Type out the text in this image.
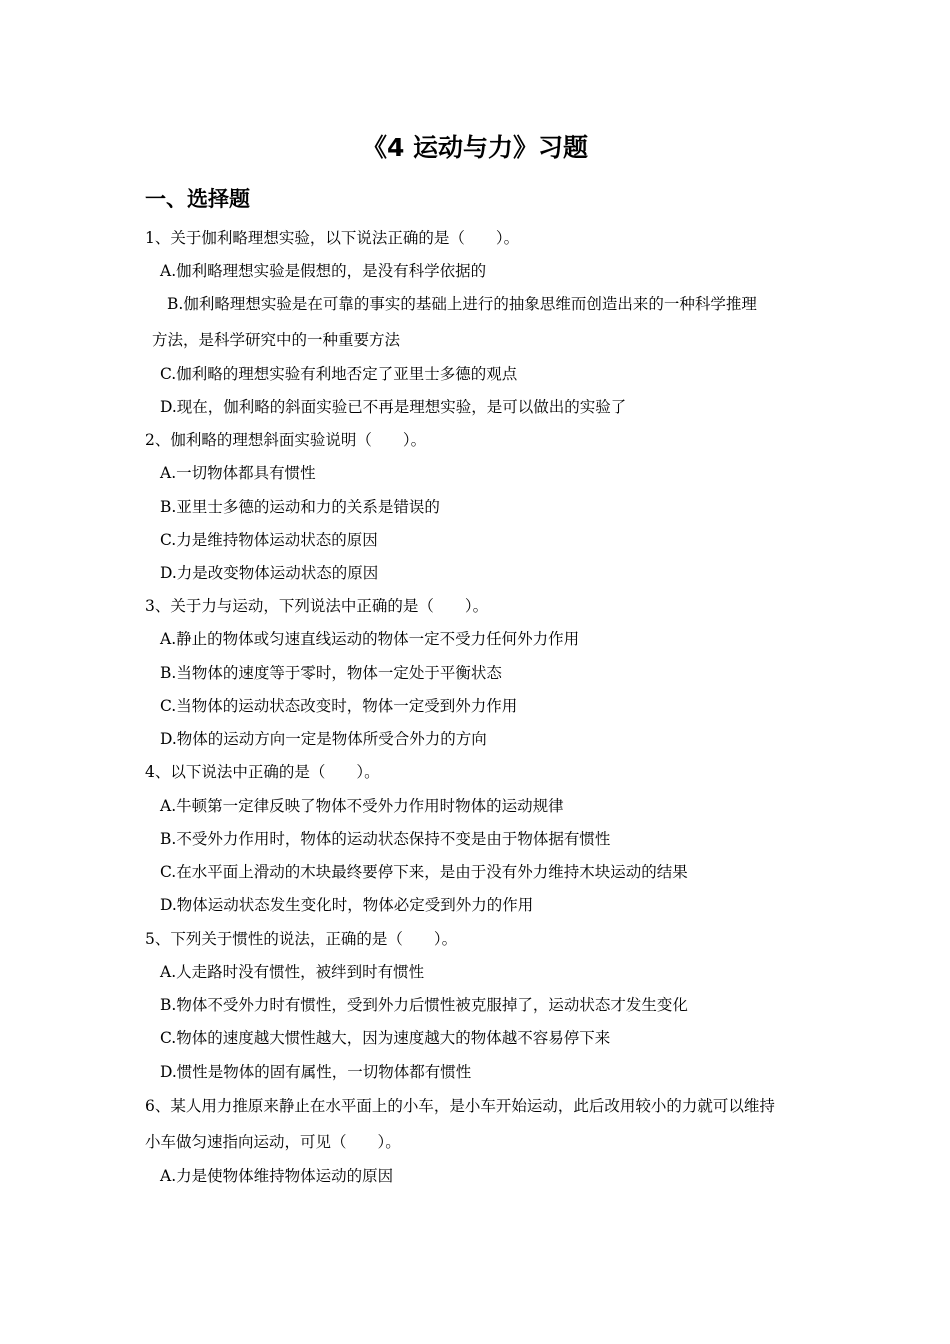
《4 运动与力》习题
一、选择题
1、关于伽利略理想实验，以下说法正确的是（　　）。
A.伽利略理想实验是假想的，是没有科学依据的
B.伽利略理想实验是在可靠的事实的基础上进行的抽象思维而创造出来的一种科学推理
方法，是科学研究中的一种重要方法
C.伽利略的理想实验有利地否定了亚里士多德的观点
D.现在，伽利略的斜面实验已不再是理想实验，是可以做出的实验了
2、伽利略的理想斜面实验说明（　　）。
A.一切物体都具有惯性
B.亚里士多德的运动和力的关系是错误的
C.力是维持物体运动状态的原因
D.力是改变物体运动状态的原因
3、关于力与运动，下列说法中正确的是（　　）。
A.静止的物体或匀速直线运动的物体一定不受力任何外力作用
B.当物体的速度等于零时，物体一定处于平衡状态
C.当物体的运动状态改变时，物体一定受到外力作用
D.物体的运动方向一定是物体所受合外力的方向
4、以下说法中正确的是（　　）。
A.牛顿第一定律反映了物体不受外力作用时物体的运动规律
B.不受外力作用时，物体的运动状态保持不变是由于物体据有惯性
C.在水平面上滑动的木块最终要停下来，是由于没有外力维持木块运动的结果
D.物体运动状态发生变化时，物体必定受到外力的作用
5、下列关于惯性的说法，正确的是（　　）。
A.人走路时没有惯性，被绊到时有惯性
B.物体不受外力时有惯性，受到外力后惯性被克服掉了，运动状态才发生变化
C.物体的速度越大惯性越大，因为速度越大的物体越不容易停下来
D.惯性是物体的固有属性，一切物体都有惯性
6、某人用力推原来静止在水平面上的小车，是小车开始运动，此后改用较小的力就可以维持
小车做匀速指向运动，可见（　　）。
A.力是使物体维持物体运动的原因
